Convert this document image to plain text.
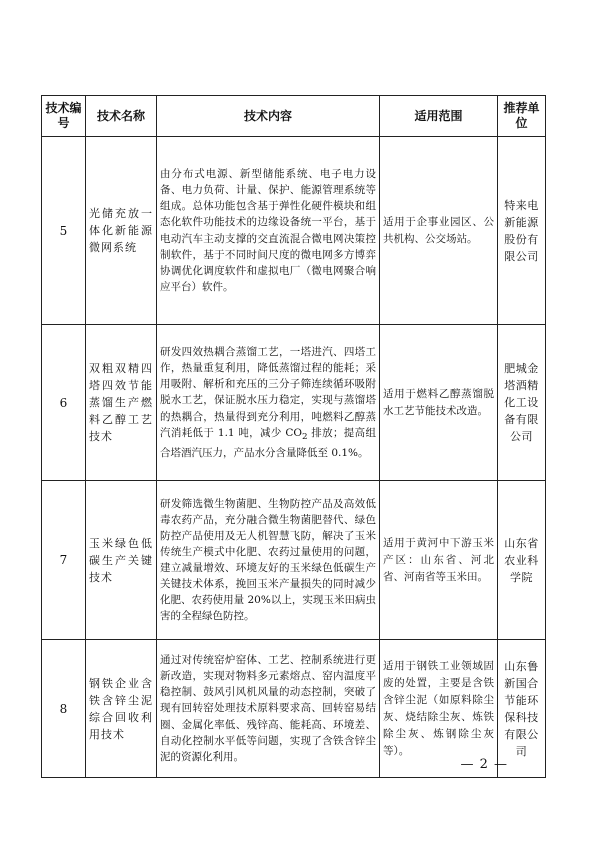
技术编号	技术名称	技术内容	适用范围	推荐单位
5	光储充放一体化新能源微网系统	由分布式电源、新型储能系统、电子电力设备、电力负荷、计量、保护、能源管理系统等组成。总体功能包含基于弹性化硬件模块和组态化软件功能技术的边缘设备统一平台，基于电动汽车主动支撑的交直流混合微电网决策控制软件，基于不同时间尺度的微电网多方博弈协调优化调度软件和虚拟电厂（微电网聚合响应平台）软件。	适用于企事业园区、公共机构、公交场站。	特来电新能源股份有限公司
6	双粗双精四塔四效节能蒸馏生产燃料乙醇工艺技术	研发四效热耦合蒸馏工艺，一塔进汽、四塔工作，热量重复利用，降低蒸馏过程的能耗；采用吸附、解析和充压的三分子筛连续循环吸附脱水工艺，保证脱水压力稳定，实现与蒸馏塔的热耦合，热量得到充分利用，吨燃料乙醇蒸汽消耗低于 1.1 吨，减少 $CO_2$ 排放；提高组合塔酒汽压力，产品水分含量降低至 0.1%。	适用于燃料乙醇蒸馏脱水工艺节能技术改造。	肥城金塔酒精化工设备有限公司
7	玉米绿色低碳生产关键技术	研发筛选微生物菌肥、生物防控产品及高效低毒农药产品，充分融合微生物菌肥替代、绿色防控产品使用及无人机智慧飞防，解决了玉米传统生产模式中化肥、农药过量使用的问题，建立减量增效、环境友好的玉米绿色低碳生产关键技术体系，挽回玉米产量损失的同时减少化肥、农药使用量 20%以上，实现玉米田病虫害的全程绿色防控。	适用于黄河中下游玉米产区：山东省、河北省、河南省等玉米田。	山东省农业科学院
8	钢铁企业含铁含锌尘泥综合回收利用技术	通过对传统窑炉窑体、工艺、控制系统进行更新改造，实现对物料多元素熔点、窑内温度平稳控制、鼓风引风机风量的动态控制，突破了现有回转窑处理技术原料要求高、回转窑易结圈、金属化率低、残锌高、能耗高、环境差、自动化控制水平低等问题，实现了含铁含锌尘泥的资源化利用。	适用于钢铁工业领域固废的处置，主要是含铁含锌尘泥（如原料除尘灰、烧结除尘灰、炼铁除尘灰、炼钢除尘灰等）。	山东鲁新国合节能环保科技有限公司
— 2 —
